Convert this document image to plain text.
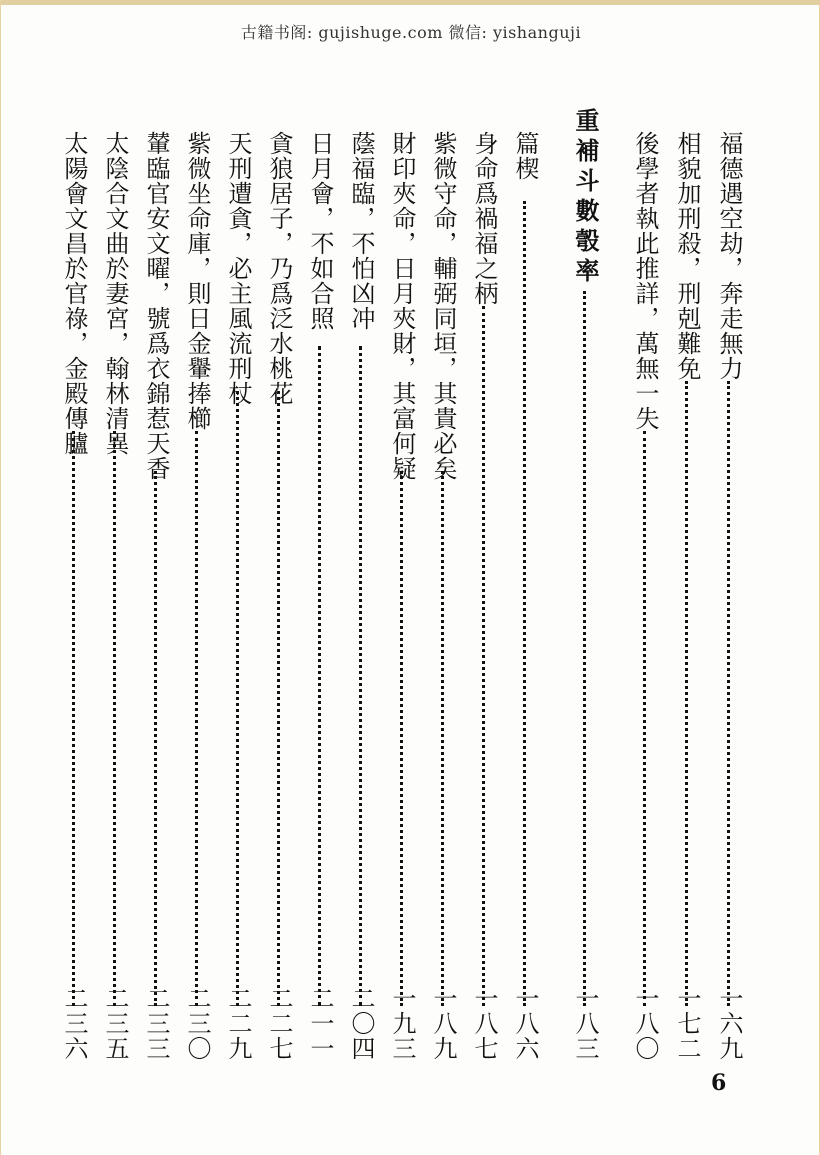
古籍书阁: gujishuge.com 微信: yishanguji
福德遇空劫，奔走無力
一六九
相貌加刑殺，刑剋難免
一七二
後學者執此推詳，萬無一失
一八〇
重補斗數彀率
一八三
篇楔
一八六
身命爲禍福之柄
一八七
紫微守命，輔弼同垣，其貴必矣
一八九
財印夾命，日月夾財，其富何疑
一九三
蔭福臨，不怕凶冲
二〇四
日月會，不如合照
二一一
貪狼居子，乃爲泛水桃花
二二七
天刑遭貪，必主風流刑杖
二二九
紫微坐命庫，則日金轝捧櫛
二三〇
輦臨官安文曜，號爲衣錦惹天香
二三三
太陰合文曲於妻宮，翰林清異
二三五
太陽會文昌於官祿，金殿傳臚
二三六
6
